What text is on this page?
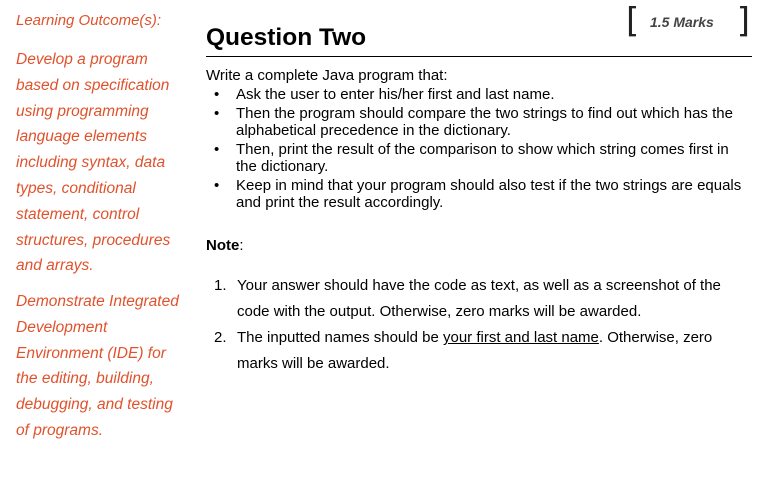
Learning Outcome(s):
Develop a program based on specification using programming language elements including syntax, data types, conditional statement, control structures, procedures and arrays.
Demonstrate Integrated Development Environment (IDE) for the editing, building, debugging, and testing of programs.
[ 1.5 Marks ]
Question Two
Write a complete Java program that:
• Ask the user to enter his/her first and last name.
• Then the program should compare the two strings to find out which has the alphabetical precedence in the dictionary.
• Then, print the result of the comparison to show which string comes first in the dictionary.
• Keep in mind that your program should also test if the two strings are equals and print the result accordingly.
Note:
1. Your answer should have the code as text, as well as a screenshot of the code with the output. Otherwise, zero marks will be awarded.
2. The inputted names should be your first and last name. Otherwise, zero marks will be awarded.
